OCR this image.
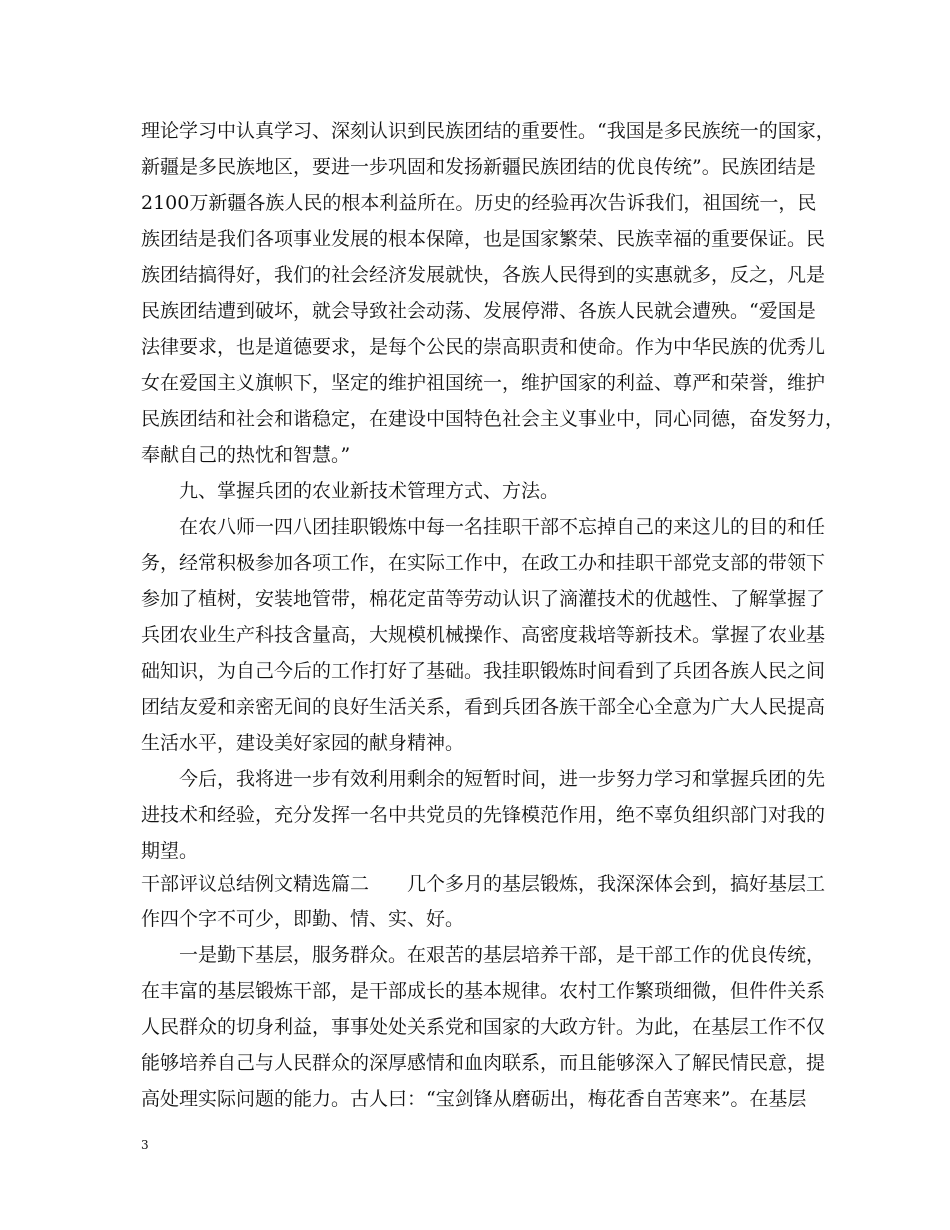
理论学习中认真学习、深刻认识到民族团结的重要性。“我国是多民族统一的国家，
新疆是多民族地区，要进一步巩固和发扬新疆民族团结的优良传统”。民族团结是
2100万新疆各族人民的根本利益所在。历史的经验再次告诉我们，祖国统一，民
族团结是我们各项事业发展的根本保障，也是国家繁荣、民族幸福的重要保证。民
族团结搞得好，我们的社会经济发展就快，各族人民得到的实惠就多，反之，凡是
民族团结遭到破坏，就会导致社会动荡、发展停滞、各族人民就会遭殃。“爱国是
法律要求，也是道德要求，是每个公民的崇高职责和使命。作为中华民族的优秀儿
女在爱国主义旗帜下，坚定的维护祖国统一，维护国家的利益、尊严和荣誉，维护
民族团结和社会和谐稳定，在建设中国特色社会主义事业中，同心同德，奋发努力，
奉献自己的热忱和智慧。”
九、掌握兵团的农业新技术管理方式、方法。
在农八师一四八团挂职锻炼中每一名挂职干部不忘掉自己的来这儿的目的和任
务，经常积极参加各项工作，在实际工作中，在政工办和挂职干部党支部的带领下
参加了植树，安装地管带，棉花定苗等劳动认识了滴灌技术的优越性、了解掌握了
兵团农业生产科技含量高，大规模机械操作、高密度栽培等新技术。掌握了农业基
础知识，为自己今后的工作打好了基础。我挂职锻炼时间看到了兵团各族人民之间
团结友爱和亲密无间的良好生活关系，看到兵团各族干部全心全意为广大人民提高
生活水平，建设美好家园的献身精神。
今后，我将进一步有效利用剩余的短暂时间，进一步努力学习和掌握兵团的先
进技术和经验，充分发挥一名中共党员的先锋模范作用，绝不辜负组织部门对我的
期望。
干部评议总结例文精选篇二　　几个多月的基层锻炼，我深深体会到，搞好基层工
作四个字不可少，即勤、情、实、好。
一是勤下基层，服务群众。在艰苦的基层培养干部，是干部工作的优良传统，
在丰富的基层锻炼干部，是干部成长的基本规律。农村工作繁琐细微，但件件关系
人民群众的切身利益，事事处处关系党和国家的大政方针。为此，在基层工作不仅
能够培养自己与人民群众的深厚感情和血肉联系，而且能够深入了解民情民意，提
高处理实际问题的能力。古人曰：“宝剑锋从磨砺出，梅花香自苦寒来”。在基层
3
